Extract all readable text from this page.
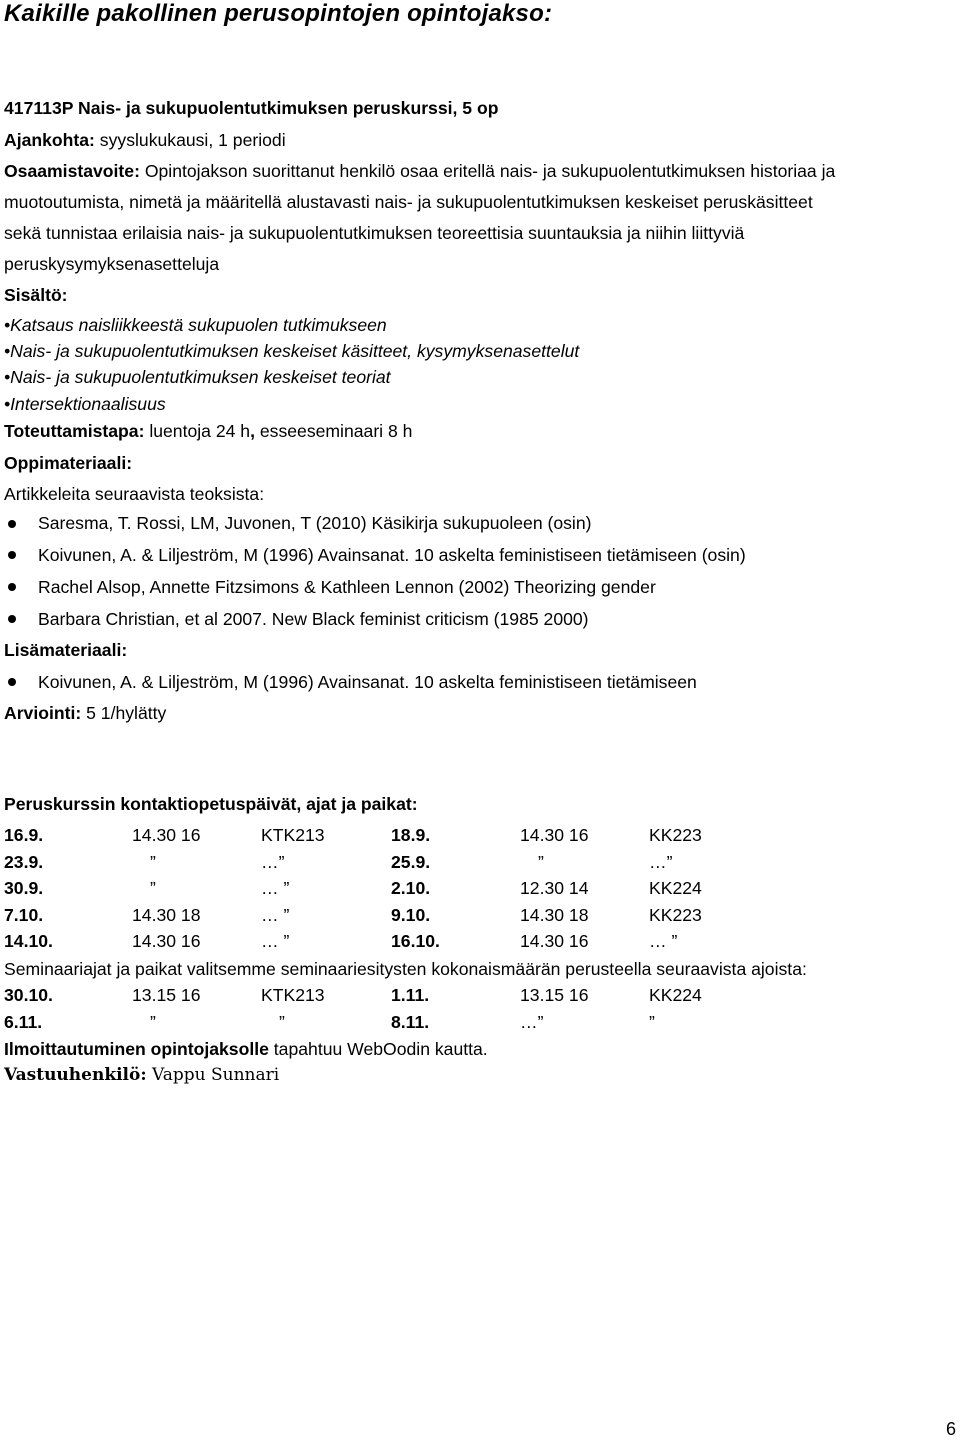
Kaikille pakollinen perusopintojen opintojakso:
417113P Nais- ja sukupuolentutkimuksen peruskurssi, 5 op
Ajankohta: syyslukukausi, 1 periodi
Osaamistavoite: Opintojakson suorittanut henkilö osaa eritellä nais- ja sukupuolentutkimuksen historiaa ja
muotoutumista, nimetä ja määritellä alustavasti nais- ja sukupuolentutkimuksen keskeiset peruskäsitteet
sekä tunnistaa erilaisia nais- ja sukupuolentutkimuksen teoreettisia suuntauksia ja niihin liittyviä
peruskysymyksenasetteluja
Sisältö:
•Katsaus naisliikkeestä sukupuolen tutkimukseen
•Nais- ja sukupuolentutkimuksen keskeiset käsitteet, kysymyksenasettelut
•Nais- ja sukupuolentutkimuksen keskeiset teoriat
•Intersektionaalisuus
Toteuttamistapa: luentoja 24 h, esseeseminaari 8 h
Oppimateriaali:
Artikkeleita seuraavista teoksista:
Saresma, T. Rossi, LM, Juvonen, T (2010) Käsikirja sukupuoleen (osin)
Koivunen, A. & Liljeström, M (1996) Avainsanat. 10 askelta feministiseen tietämiseen (osin)
Rachel Alsop, Annette Fitzsimons & Kathleen Lennon (2002) Theorizing gender
Barbara Christian, et al 2007. New Black feminist criticism (1985 2000)
Lisämateriaali:
Koivunen, A. & Liljeström, M (1996) Avainsanat. 10 askelta feministiseen tietämiseen
Arviointi: 5 1/hylätty
Peruskurssin kontaktiopetuspäivät, ajat ja paikat:
16.9.	14.30 16	KTK213	18.9.	14.30 16	KK223
23.9.	”	…”	25.9.	”	…”
30.9.	”	… ”	2.10.	12.30 14	KK224
7.10.	14.30 18	… ”	9.10.	14.30 18	KK223
14.10.	14.30 16	… ”	16.10.	14.30 16	… ”
Seminaariajat ja paikat valitsemme seminaariesitysten kokonaismäärän perusteella seuraavista ajoista:
30.10.	13.15 16	KTK213	1.11.	13.15 16	KK224
6.11.	”	”	8.11.	…”	”
Ilmoittautuminen opintojaksolle tapahtuu WebOodin kautta.
Vastuuhenkilö: Vappu Sunnari
6
